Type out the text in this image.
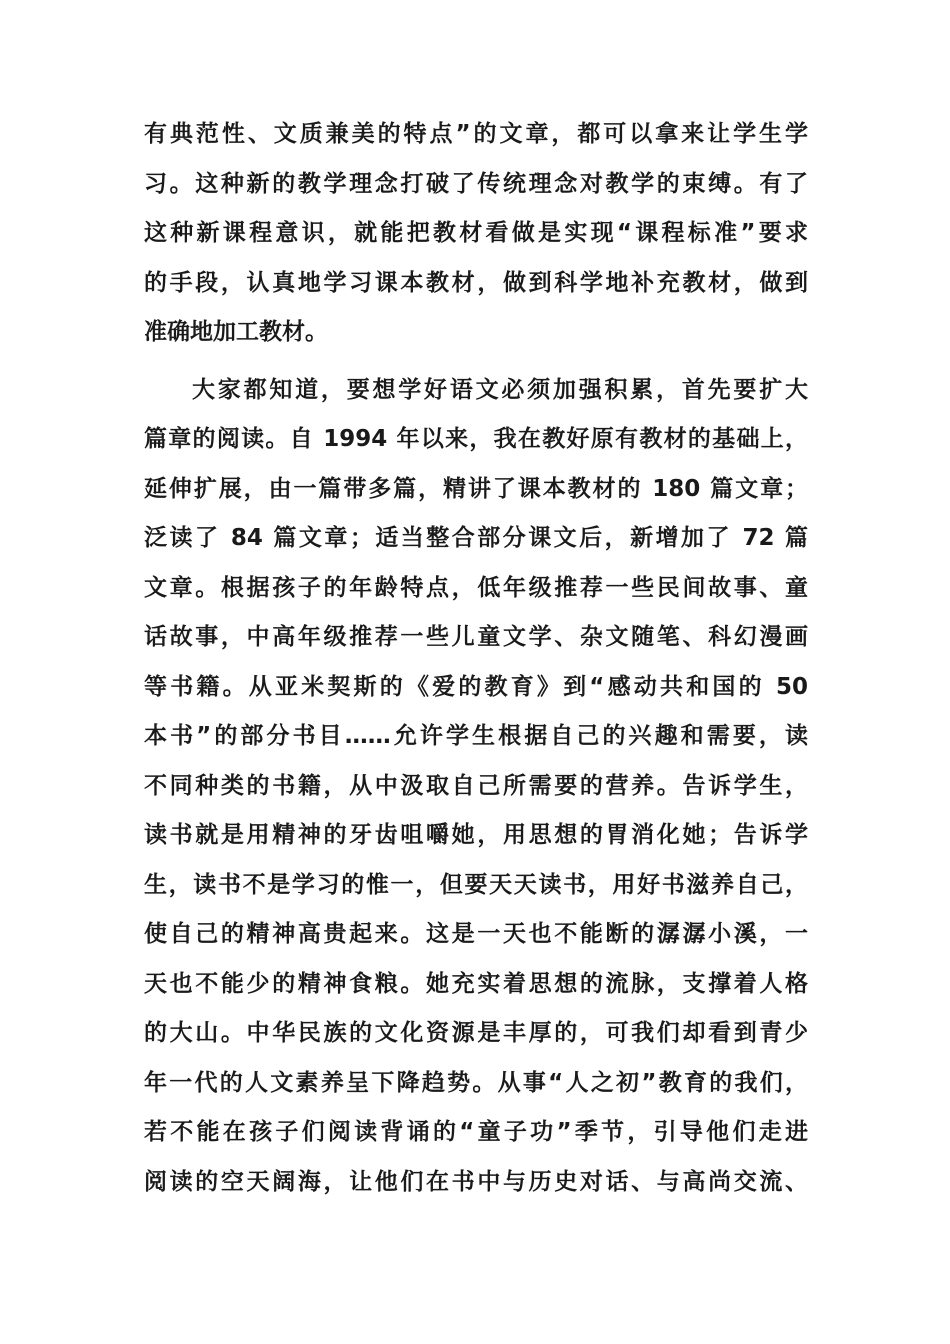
有典范性、文质兼美的特点”的文章，都可以拿来让学生学
习。这种新的教学理念打破了传统理念对教学的束缚。有了
这种新课程意识，就能把教材看做是实现“课程标准”要求
的手段，认真地学习课本教材，做到科学地补充教材，做到
准确地加工教材。
大家都知道，要想学好语文必须加强积累，首先要扩大
篇章的阅读。自 1994 年以来，我在教好原有教材的基础上，
延伸扩展，由一篇带多篇，精讲了课本教材的 180 篇文章；
泛读了 84 篇文章；适当整合部分课文后，新增加了 72 篇
文章。根据孩子的年龄特点，低年级推荐一些民间故事、童
话故事，中高年级推荐一些儿童文学、杂文随笔、科幻漫画
等书籍。从亚米契斯的《爱的教育》到“感动共和国的 50
本书”的部分书目……允许学生根据自己的兴趣和需要，读
不同种类的书籍，从中汲取自己所需要的营养。告诉学生，
读书就是用精神的牙齿咀嚼她，用思想的胃消化她；告诉学
生，读书不是学习的惟一，但要天天读书，用好书滋养自己，
使自己的精神高贵起来。这是一天也不能断的潺潺小溪，一
天也不能少的精神食粮。她充实着思想的流脉，支撑着人格
的大山。中华民族的文化资源是丰厚的，可我们却看到青少
年一代的人文素养呈下降趋势。从事“人之初”教育的我们，
若不能在孩子们阅读背诵的“童子功”季节，引导他们走进
阅读的空天阔海，让他们在书中与历史对话、与高尚交流、
